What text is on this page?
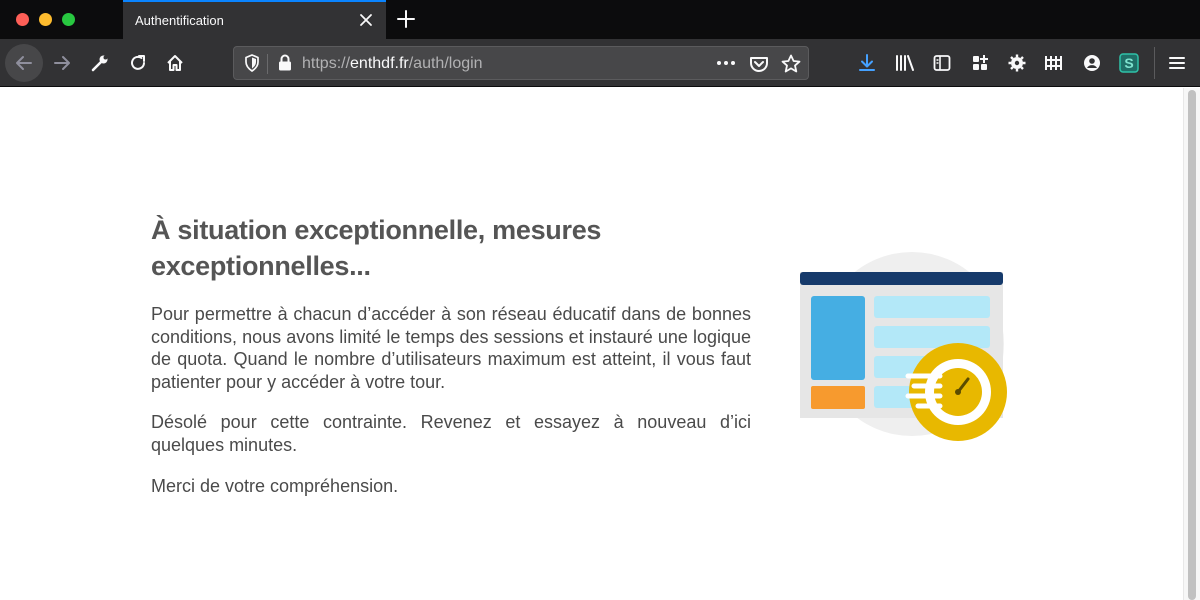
Authentification
https://enthdf.fr/auth/login	S
À situation exceptionnelle, mesures exceptionnelles...

Pour permettre à chacun d’accéder à son réseau éducatif dans de bonnes conditions, nous avons limité le temps des sessions et instauré une logique de quota. Quand le nombre d’utilisateurs maximum est atteint, il vous faut patienter pour y accéder à votre tour.

Désolé pour cette contrainte. Revenez et essayez à nouveau d’ici quelques minutes.

Merci de votre compréhension.
